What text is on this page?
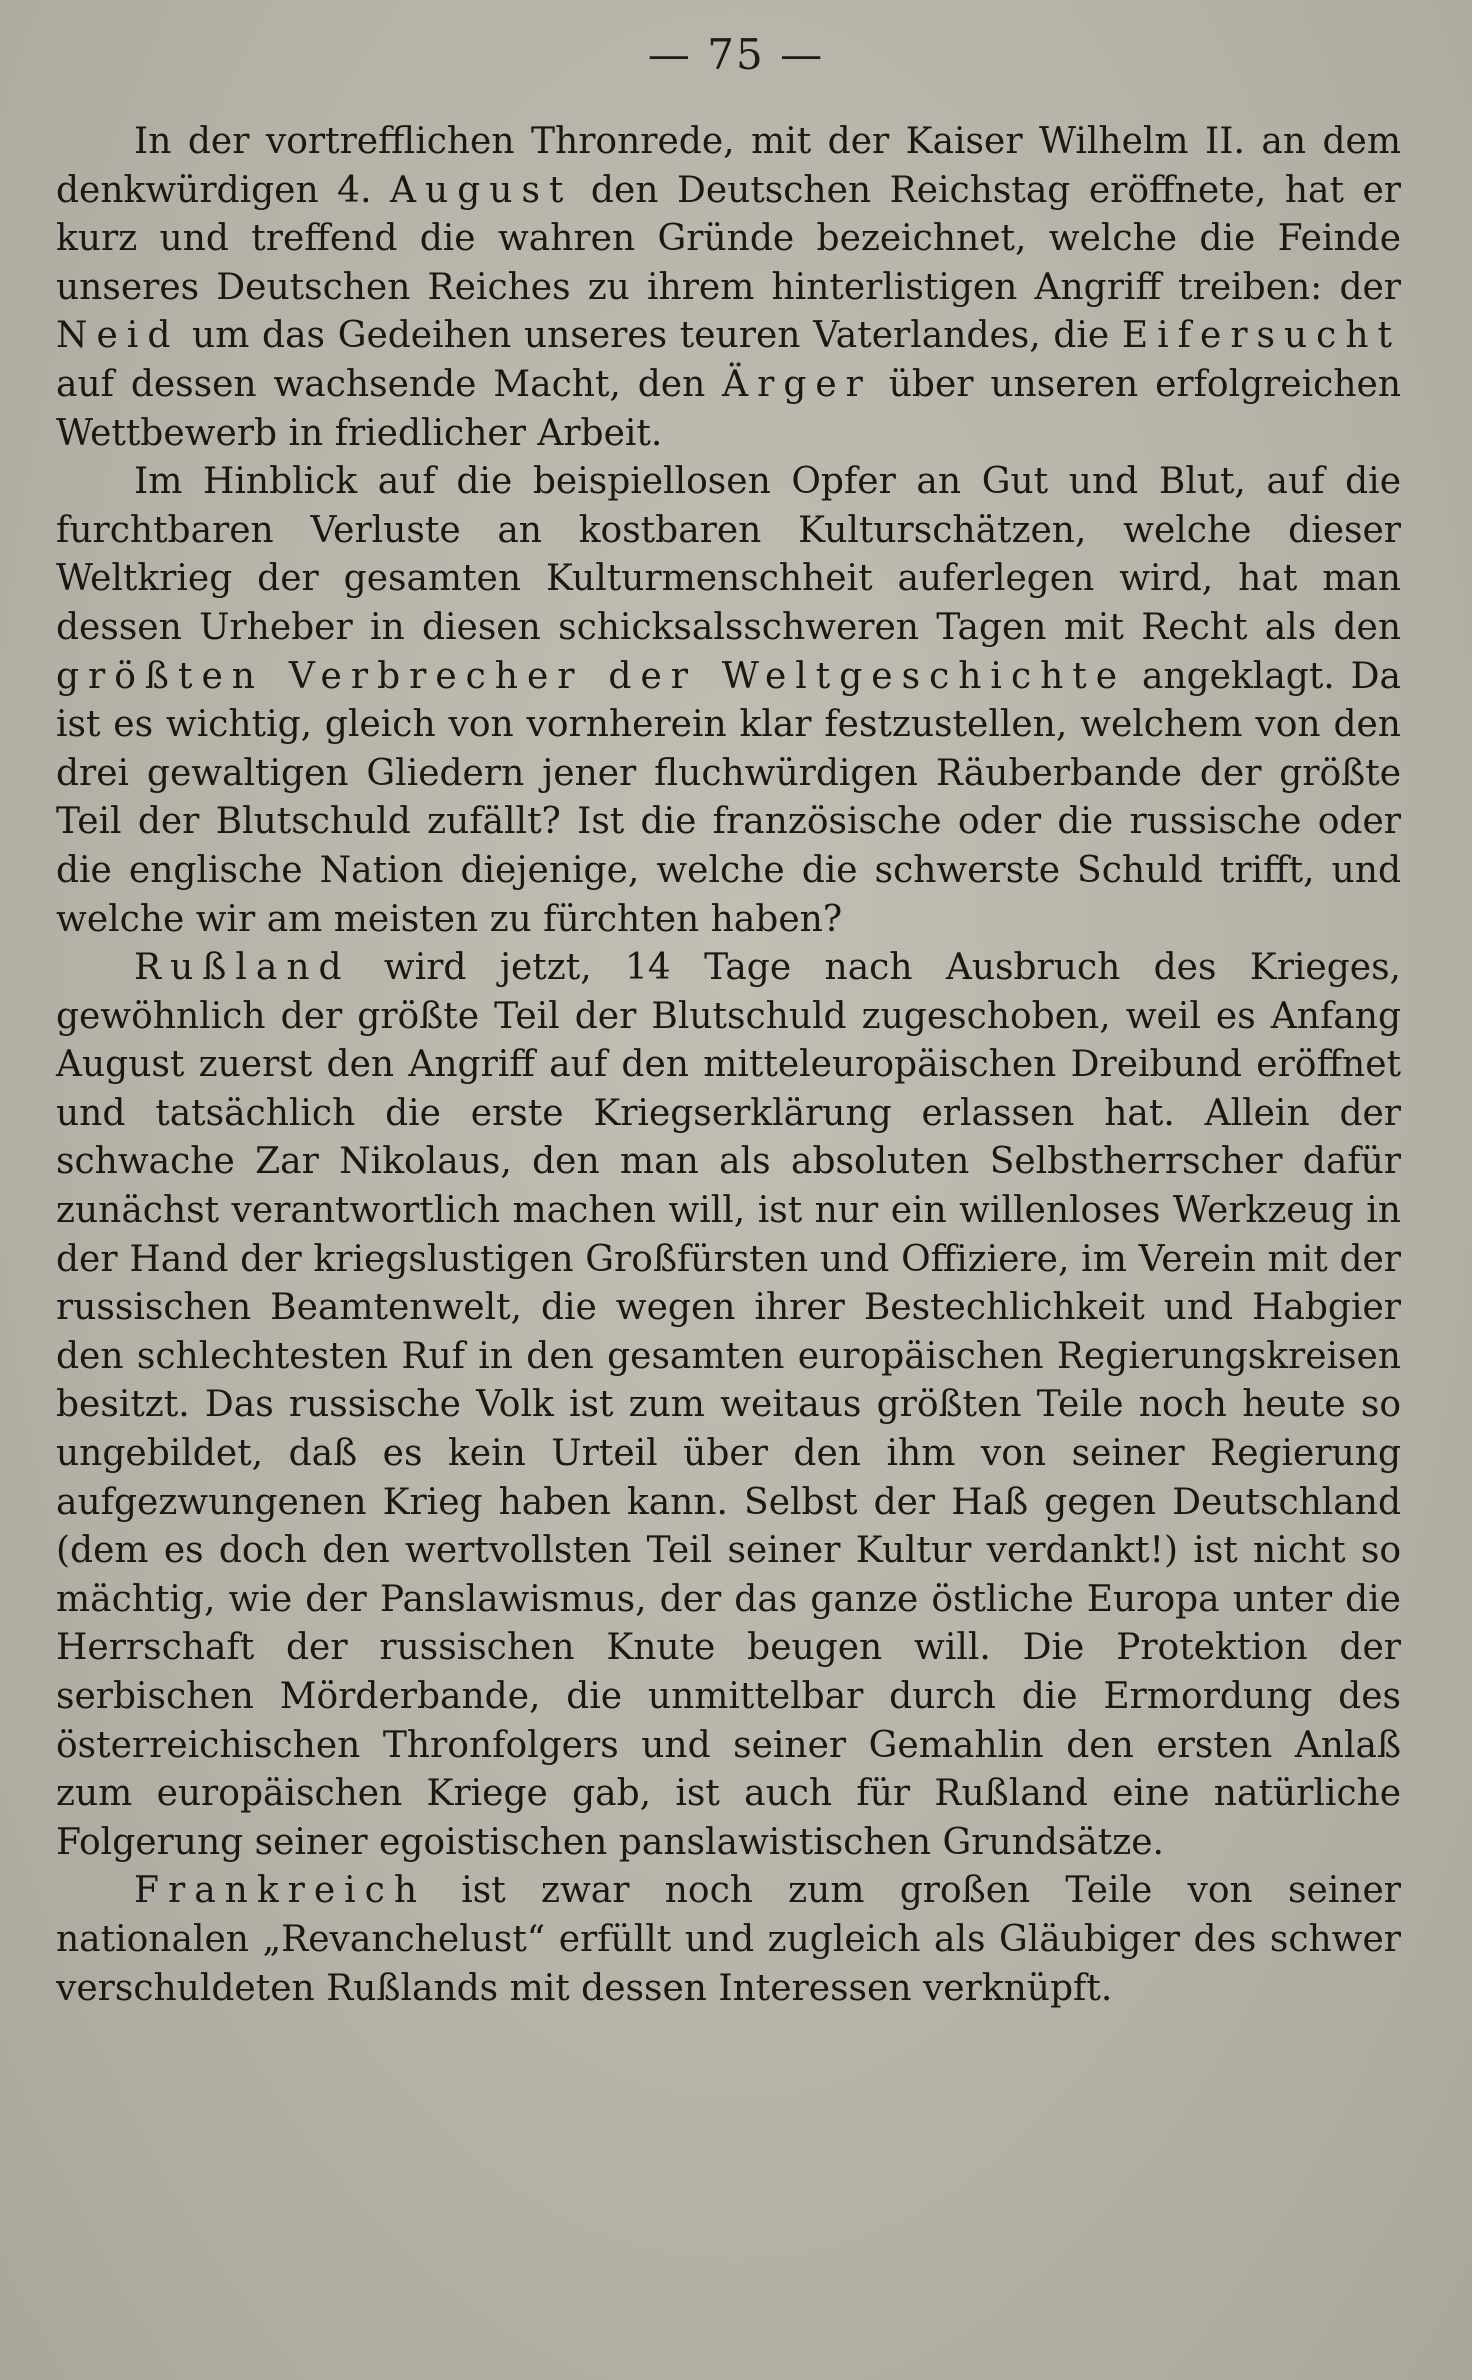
— 75 —

In der vortrefflichen Thronrede, mit der Kaiser Wilhelm II. an dem denkwürdigen 4. August den Deutschen Reichstag eröffnete, hat er kurz und treffend die wahren Gründe bezeichnet, welche die Feinde unseres Deutschen Reiches zu ihrem hinterlistigen Angriff treiben: der Neid um das Gedeihen unseres teuren Vaterlandes, die Eifersucht auf dessen wachsende Macht, den Ärger über unseren erfolgreichen Wettbewerb in friedlicher Arbeit.

Im Hinblick auf die beispiellosen Opfer an Gut und Blut, auf die furchtbaren Verluste an kostbaren Kulturschätzen, welche dieser Weltkrieg der gesamten Kulturmenschheit auferlegen wird, hat man dessen Urheber in diesen schicksalsschweren Tagen mit Recht als den größten Verbrecher der Weltgeschichte angeklagt. Da ist es wichtig, gleich von vornherein klar festzustellen, welchem von den drei gewaltigen Gliedern jener fluchwürdigen Räuberbande der größte Teil der Blutschuld zufällt? Ist die französische oder die russische oder die englische Nation diejenige, welche die schwerste Schuld trifft, und welche wir am meisten zu fürchten haben?

Rußland wird jetzt, 14 Tage nach Ausbruch des Krieges, gewöhnlich der größte Teil der Blutschuld zugeschoben, weil es Anfang August zuerst den Angriff auf den mitteleuropäischen Dreibund eröffnet und tatsächlich die erste Kriegserklärung erlassen hat. Allein der schwache Zar Nikolaus, den man als absoluten Selbstherrscher dafür zunächst verantwortlich machen will, ist nur ein willenloses Werkzeug in der Hand der kriegslustigen Großfürsten und Offiziere, im Verein mit der russischen Beamtenwelt, die wegen ihrer Bestechlichkeit und Habgier den schlechtesten Ruf in den gesamten europäischen Regierungskreisen besitzt. Das russische Volk ist zum weitaus größten Teile noch heute so ungebildet, daß es kein Urteil über den ihm von seiner Regierung aufgezwungenen Krieg haben kann. Selbst der Haß gegen Deutschland (dem es doch den wertvollsten Teil seiner Kultur verdankt!) ist nicht so mächtig, wie der Panslawismus, der das ganze östliche Europa unter die Herrschaft der russischen Knute beugen will. Die Protektion der serbischen Mörderbande, die unmittelbar durch die Ermordung des österreichischen Thronfolgers und seiner Gemahlin den ersten Anlaß zum europäischen Kriege gab, ist auch für Rußland eine natürliche Folgerung seiner egoistischen panslawistischen Grundsätze.

Frankreich ist zwar noch zum großen Teile von seiner nationalen „Revanchelust“ erfüllt und zugleich als Gläubiger des schwer verschuldeten Rußlands mit dessen Interessen verknüpft.
